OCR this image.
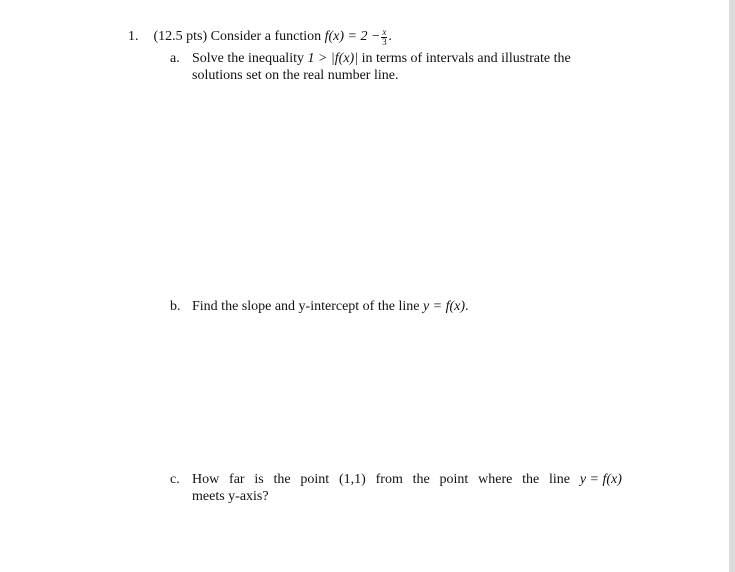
1. (12.5 pts) Consider a function $f(x) = 2 - \frac{x}{3}$ .
a. Solve the inequality 1 > |f(x)| in terms of intervals and illustrate the
solutions set on the real number line.
b. Find the slope and y-intercept of the line y = f(x).
c. How far is the point (1,1) from the point where the line y = f(x)
meets y-axis?
